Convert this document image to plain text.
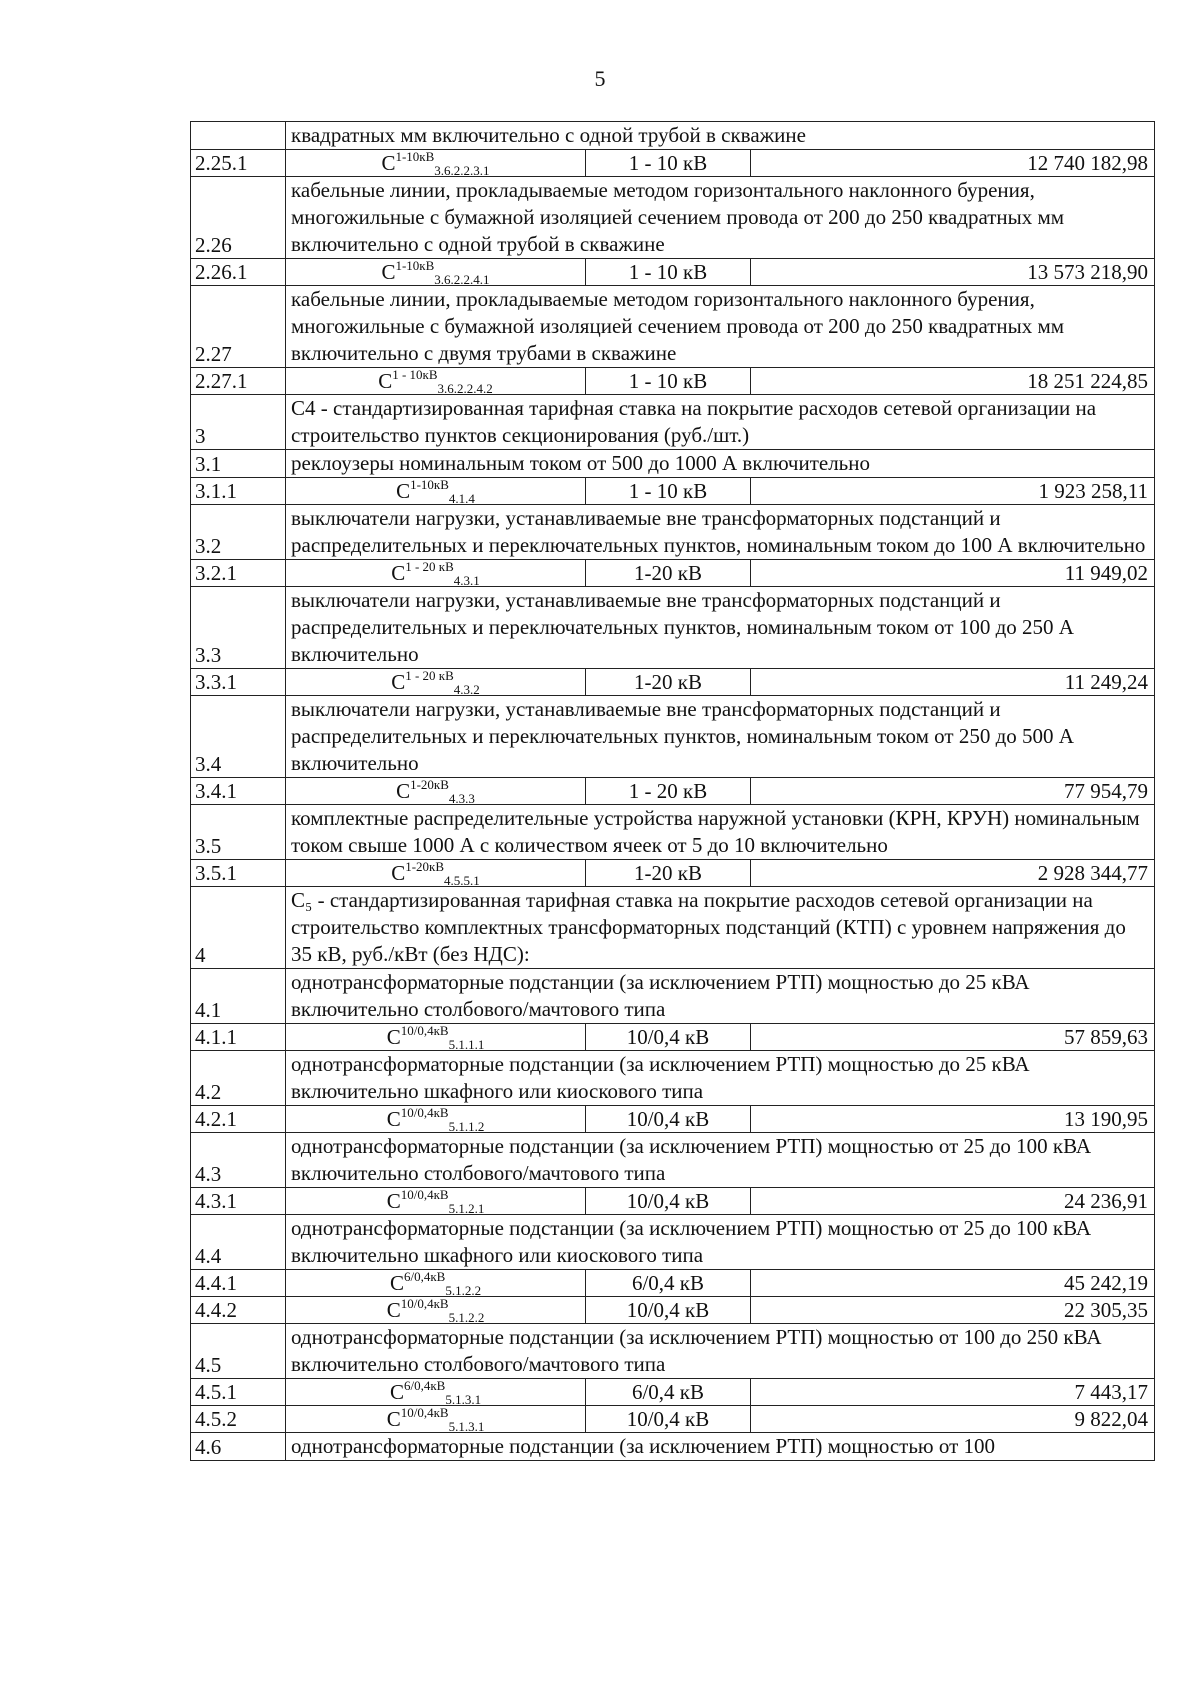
5
	квадратных мм включительно с одной трубой в скважине		
2.25.1	$C^{1-10кВ}_{3.6.2.2.3.1}$	1 - 10 кВ	12 740 182,98
2.26	кабельные линии, прокладываемые методом горизонтального наклонного бурения, многожильные с бумажной изоляцией сечением провода от 200 до 250 квадратных мм включительно с одной трубой в скважине		
2.26.1	$C^{1-10кВ}_{3.6.2.2.4.1}$	1 - 10 кВ	13 573 218,90
2.27	кабельные линии, прокладываемые методом горизонтального наклонного бурения, многожильные с бумажной изоляцией сечением провода от 200 до 250 квадратных мм включительно с двумя трубами в скважине		
2.27.1	$C^{1 - 10кВ}_{3.6.2.2.4.2}$	1 - 10 кВ	18 251 224,85
3	С4 - стандартизированная тарифная ставка на покрытие расходов сетевой организации на строительство пунктов секционирования (руб./шт.)		
3.1	реклоузеры номинальным током от 500 до 1000 А включительно		
3.1.1	$C^{1-10кВ}_{4.1.4}$	1 - 10 кВ	1 923 258,11
3.2	выключатели нагрузки, устанавливаемые вне трансформаторных подстанций и распределительных и переключательных пунктов, номинальным током до 100 А включительно		
3.2.1	$C^{1 - 20 кВ}_{4.3.1}$	1-20 кВ	11 949,02
3.3	выключатели нагрузки, устанавливаемые вне трансформаторных подстанций и распределительных и переключательных пунктов, номинальным током от 100 до 250 А включительно		
3.3.1	$C^{1 - 20 кВ}_{4.3.2}$	1-20 кВ	11 249,24
3.4	выключатели нагрузки, устанавливаемые вне трансформаторных подстанций и распределительных и переключательных пунктов, номинальным током от 250 до 500 А включительно		
3.4.1	$C^{1-20кВ}_{4.3.3}$	1 - 20 кВ	77 954,79
3.5	комплектные распределительные устройства наружной установки (КРН, КРУН) номинальным током свыше 1000 А с количеством ячеек от 5 до 10 включительно		
3.5.1	$C^{1-20кВ}_{4.5.5.1}$	1-20 кВ	2 928 344,77
4	C₅ - стандартизированная тарифная ставка на покрытие расходов сетевой организации на строительство комплектных трансформаторных подстанций (КТП) с уровнем напряжения до 35 кВ, руб./кВт (без НДС):		
4.1	однотрансформаторные подстанции (за исключением РТП) мощностью до 25 кВА включительно столбового/мачтового типа		
4.1.1	$C^{10/0,4кВ}_{5.1.1.1}$	10/0,4 кВ	57 859,63
4.2	однотрансформаторные подстанции (за исключением РТП) мощностью до 25 кВА включительно шкафного или киоскового типа		
4.2.1	$C^{10/0,4кВ}_{5.1.1.2}$	10/0,4 кВ	13 190,95
4.3	однотрансформаторные подстанции (за исключением РТП) мощностью от 25 до 100 кВА включительно столбового/мачтового типа		
4.3.1	$C^{10/0,4кВ}_{5.1.2.1}$	10/0,4 кВ	24 236,91
4.4	однотрансформаторные подстанции (за исключением РТП) мощностью от 25 до 100 кВА включительно шкафного или киоскового типа		
4.4.1	$C^{6/0,4кВ}_{5.1.2.2}$	6/0,4 кВ	45 242,19
4.4.2	$C^{10/0,4кВ}_{5.1.2.2}$	10/0,4 кВ	22 305,35
4.5	однотрансформаторные подстанции (за исключением РТП) мощностью от 100 до 250 кВА включительно столбового/мачтового типа		
4.5.1	$C^{6/0,4кВ}_{5.1.3.1}$	6/0,4 кВ	7 443,17
4.5.2	$C^{10/0,4кВ}_{5.1.3.1}$	10/0,4 кВ	9 822,04
4.6	однотрансформаторные подстанции (за исключением РТП) мощностью от 100		
